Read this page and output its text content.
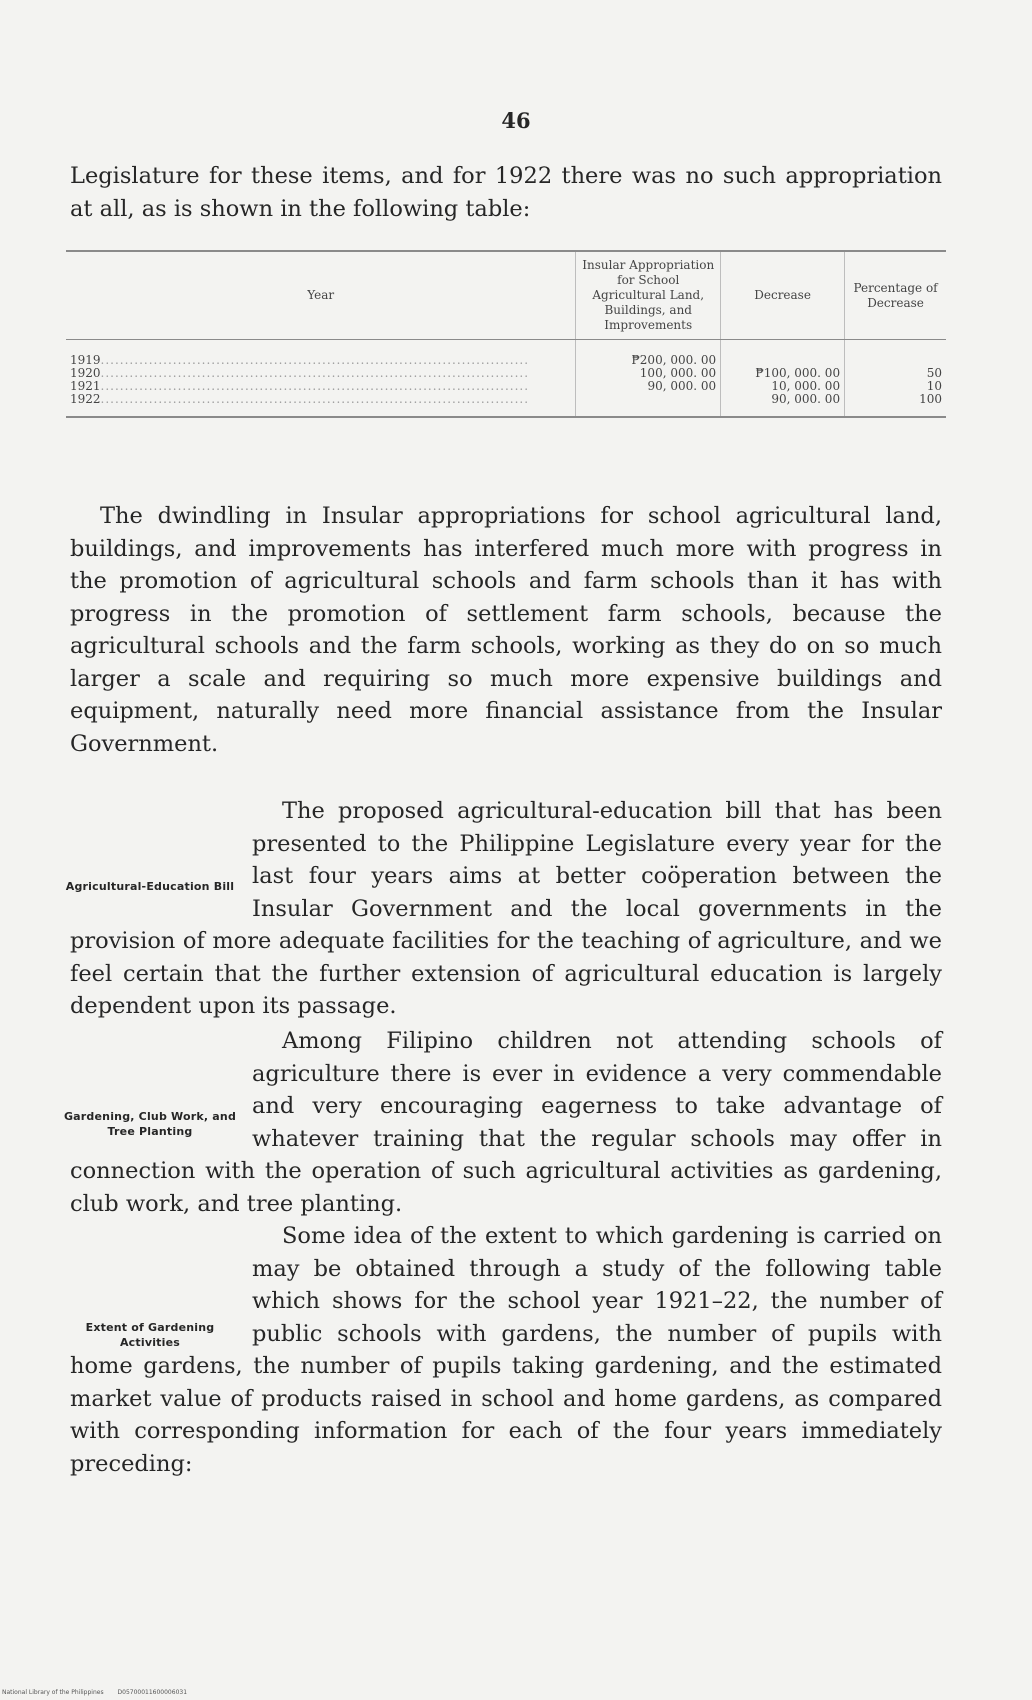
46

Legislature for these items, and for 1922 there was no such appropriation at all, as is shown in the following table:

Year	Insular Appropriation for School Agricultural Land, Buildings, and Improvements	Decrease	Percentage of Decrease
1919.........................................................................................	₱200, 000. 00		
1920.........................................................................................	100, 000. 00	₱100, 000. 00	50
1921.........................................................................................	90, 000. 00	10, 000. 00	10
1922.........................................................................................		90, 000. 00	100

The dwindling in Insular appropriations for school agricultural land, buildings, and improvements has interfered much more with progress in the promotion of agricultural schools and farm schools than it has with progress in the promotion of settlement farm schools, because the agricultural schools and the farm schools, working as they do on so much larger a scale and requiring so much more expensive buildings and equipment, naturally need more financial assistance from the Insular Government.

Agricultural-Education Bill
The proposed agricultural-education bill that has been presented to the Philippine Legislature every year for the last four years aims at better coöperation between the Insular Government and the local governments in the provision of more adequate facilities for the teaching of agriculture, and we feel certain that the further extension of agricultural education is largely dependent upon its passage.
Gardening, Club Work, and Tree Planting
Among Filipino children not attending schools of agriculture there is ever in evidence a very commendable and very encouraging eagerness to take advantage of whatever training that the regular schools may offer in connection with the operation of such agricultural activities as gardening, club work, and tree planting.
Extent of Gardening Activities
Some idea of the extent to which gardening is carried on may be obtained through a study of the following table which shows for the school year 1921–22, the number of public schools with gardens, the number of pupils with home gardens, the number of pupils taking gardening, and the estimated market value of products raised in school and home gardens, as compared with corresponding information for each of the four years immediately preceding:
National Library of the Philippines D05700011600006031
